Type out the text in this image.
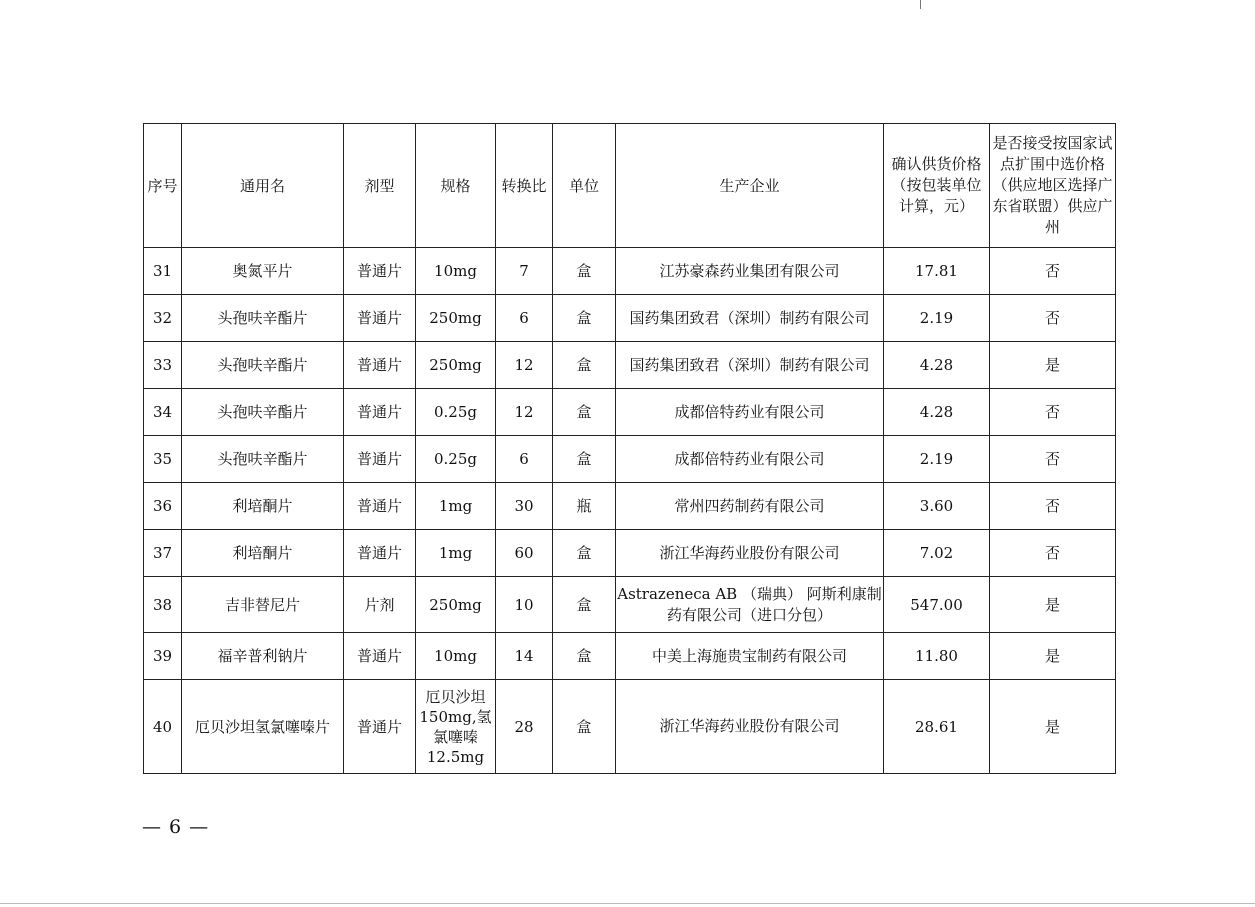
序号	通用名	剂型	规格	转换比	单位	生产企业	确认供货价格（按包装单位计算，元）	是否接受按国家试点扩围中选价格（供应地区选择广东省联盟）供应广州
31	奥氮平片	普通片	10mg	7	盒	江苏豪森药业集团有限公司	17.81	否
32	头孢呋辛酯片	普通片	250mg	6	盒	国药集团致君（深圳）制药有限公司	2.19	否
33	头孢呋辛酯片	普通片	250mg	12	盒	国药集团致君（深圳）制药有限公司	4.28	是
34	头孢呋辛酯片	普通片	0.25g	12	盒	成都倍特药业有限公司	4.28	否
35	头孢呋辛酯片	普通片	0.25g	6	盒	成都倍特药业有限公司	2.19	否
36	利培酮片	普通片	1mg	30	瓶	常州四药制药有限公司	3.60	否
37	利培酮片	普通片	1mg	60	盒	浙江华海药业股份有限公司	7.02	否
38	吉非替尼片	片剂	250mg	10	盒	Astrazeneca AB （瑞典） 阿斯利康制药有限公司（进口分包）	547.00	是
39	福辛普利钠片	普通片	10mg	14	盒	中美上海施贵宝制药有限公司	11.80	是
40	厄贝沙坦氢氯噻嗪片	普通片	厄贝沙坦150mg,氢氯噻嗪12.5mg	28	盒	浙江华海药业股份有限公司	28.61	是
— 6 —
